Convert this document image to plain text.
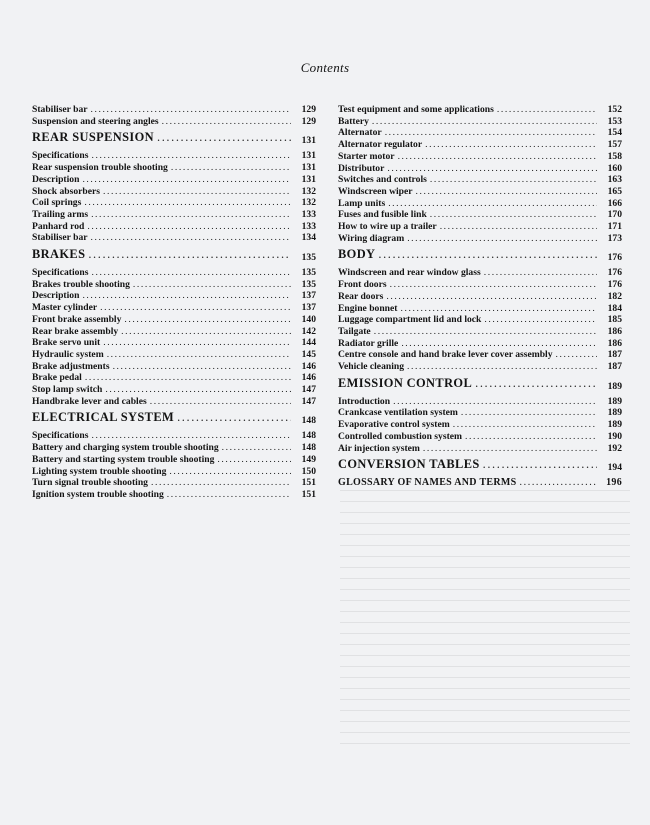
Contents
Stabiliser bar .....	129
Suspension and steering angles .....	129
REAR SUSPENSION .....	131
Specifications .....	131
Rear suspension trouble shooting .....	131
Description .....	131
Shock absorbers .....	132
Coil springs .....	132
Trailing arms .....	133
Panhard rod .....	133
Stabiliser bar .....	134
BRAKES .....	135
Specifications .....	135
Brakes trouble shooting .....	135
Description .....	137
Master cylinder .....	137
Front brake assembly .....	140
Rear brake assembly .....	142
Brake servo unit .....	144
Hydraulic system .....	145
Brake adjustments .....	146
Brake pedal .....	146
Stop lamp switch .....	147
Handbrake lever and cables .....	147
ELECTRICAL SYSTEM .....	148
Specifications .....	148
Battery and charging system trouble shooting .....	148
Battery and starting system trouble shooting .....	149
Lighting system trouble shooting .....	150
Turn signal trouble shooting .....	151
Ignition system trouble shooting .....	151
Test equipment and some applications .....	152
Battery .....	153
Alternator .....	154
Alternator regulator .....	157
Starter motor .....	158
Distributor .....	160
Switches and controls .....	163
Windscreen wiper .....	165
Lamp units .....	166
Fuses and fusible link .....	170
How to wire up a trailer .....	171
Wiring diagram .....	173
BODY .....	176
Windscreen and rear window glass .....	176
Front doors .....	176
Rear doors .....	182
Engine bonnet .....	184
Luggage compartment lid and lock .....	185
Tailgate .....	186
Radiator grille .....	186
Centre console and hand brake lever cover assembly .....	187
Vehicle cleaning .....	187
EMISSION CONTROL .....	189
Introduction .....	189
Crankcase ventilation system .....	189
Evaporative control system .....	189
Controlled combustion system .....	190
Air injection system .....	192
CONVERSION TABLES .....	194
GLOSSARY OF NAMES AND TERMS .....	196
